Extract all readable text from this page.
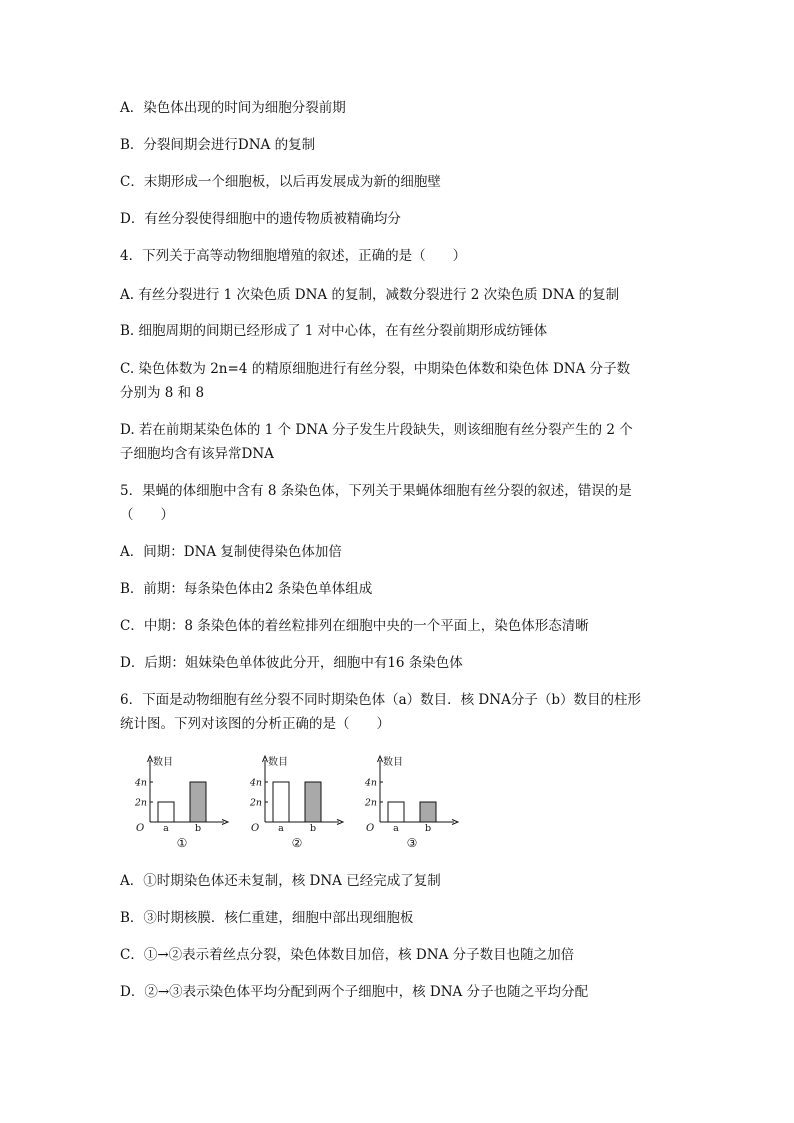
A．染色体出现的时间为细胞分裂前期
B．分裂间期会进行DNA 的复制
C．末期形成一个细胞板，以后再发展成为新的细胞壁
D．有丝分裂使得细胞中的遗传物质被精确均分
4．下列关于高等动物细胞增殖的叙述，正确的是（　　）
A. 有丝分裂进行 1 次染色质 DNA 的复制，减数分裂进行 2 次染色质 DNA 的复制
B. 细胞周期的间期已经形成了 1 对中心体，在有丝分裂前期形成纺锤体
C. 染色体数为 2n=4 的精原细胞进行有丝分裂，中期染色体数和染色体 DNA 分子数
分别为 8 和 8
D. 若在前期某染色体的 1 个 DNA 分子发生片段缺失，则该细胞有丝分裂产生的 2 个
子细胞均含有该异常DNA
5．果蝇的体细胞中含有 8 条染色体，下列关于果蝇体细胞有丝分裂的叙述，错误的是
（　　）
A．间期：DNA 复制使得染色体加倍
B．前期：每条染色体由2 条染色单体组成
C．中期：8 条染色体的着丝粒排列在细胞中央的一个平面上，染色体形态清晰
D．后期：姐妹染色单体彼此分开，细胞中有16 条染色体
6．下面是动物细胞有丝分裂不同时期染色体（a）数目．核 DNA分子（b）数目的柱形
统计图。下列对该图的分析正确的是（　　）
数目
O
2n
4n
a	b
①
数目
O
2n
4n
a	b
②
数目
O
2n
4n
a	b
③
A．①时期染色体还未复制，核 DNA 已经完成了复制
B．③时期核膜．核仁重建，细胞中部出现细胞板
C．①→②表示着丝点分裂，染色体数目加倍，核 DNA 分子数目也随之加倍
D．②→③表示染色体平均分配到两个子细胞中，核 DNA 分子也随之平均分配
